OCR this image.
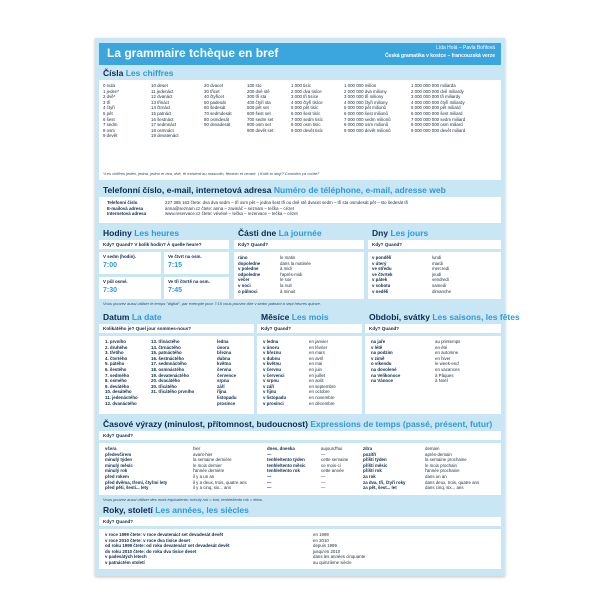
La grammaire tchèque en bref	Lída Holá – Pavla Bořilová
Česká gramatika v kostce – francouzská verze
Čísla Les chiffres
0 nula
1 jeden*
2 dvě*
3 tři
4 čtyři
5 pět
6 šest
7 sedm
8 osm
9 devět
10 deset
11 jedenáct
12 dvanáct
13 třináct
14 čtrnáct
15 patnáct
16 šestnáct
17 sedmnáct
18 osmnáct
19 devatenáct
20 dvacet
30 třicet
40 čtyřicet
50 padesát
60 šedesát
70 sedmdesát
80 osmdesát
90 devadesát
100 sto
200 dvě stě
300 tři sta
400 čtyři sta
500 pět set
600 šest set
700 sedm set
800 osm set
900 devět set
1 000 tisíc
2 000 dva tisíce
3 000 tři tisíce
4 000 čtyři tisíce
5 000 pět tisíc
6 000 šest tisíc
7 000 sedm tisíc
8 000 osm tisíc
9 000 devět tisíc
1 000 000 milion
2 000 000 dva miliony
3 000 000 tři miliony
4 000 000 čtyři miliony
5 000 000 pět milionů
6 000 000 šest milionů
7 000 000 sedm milionů
8 000 000 osm milionů
9 000 000 devět milionů
1 000 000 000 miliarda
2 000 000 000 dvě miliardy
3 000 000 000 tři miliardy
4 000 000 000 čtyři miliardy
5 000 000 000 pět miliard
6 000 000 000 šest miliard
7 000 000 000 sedm miliard
8 000 000 000 osm miliard
9 000 000 000 devět miliard
*Les chiffres jeden, jedna, jedno et dva, dvě, tři existent au masculin, féminin et neutre. | Kolik to stojí? Combien ça coûte?
Telefonní číslo, e-mail, internetová adresa Numéro de téléphone, e-mail, adresse web
Telefonní číslo
E-mailová adresa
Internetová adresa
227 385 163 čtete: dva dva sedm – tři osm pět – jedna šest tři ou dvě stě dvacet sedm – tři sta osmdesát pět – sto šedesát tři
anna@seznam.cz čtete: anna – zavináč – seznam – tečka – cézet
www.reservace.cz čtete: vévévé – tečka – rezervace – tečka – cézet
Hodiny Les heures
Kdy? Quand? V kolik hodin? À quelle heure?
V sedm (hodin).
7:00
Ve čtvrt na osm.
7:15
V půl osmé.
7:30
Ve tři čtvrtě na osm.
7:45
Části dne La journée
Kdy? Quand?
ráno
dopoledne
v poledne
odpoledne
večer
v noci
o půlnoci
le matin
dans la matinée
à midi
l'après-midi
le soir
la nuit
à minuit
Dny Les jours
Kdy? Quand?
v pondělí
v úterý
ve středu
ve čtvrtek
v pátek
v sobotu
v neděli
lundi
mardi
mercredi
jeudi
vendredi
samedi
dimanche
Vous pouvez aussi utiliser le temps "digital", par exemple pour 7:15 vous pouvez dire v sedm patnáct à sept heures quinze.
Datum La date
Kolikátého je? Quel jour sommes-nous?
1. prvního
2. druhého
3. třetího
4. čtvrtého
5. pátého
6. šestého
7. sedmého
8. osmého
9. devátého
10. desátého
11. jedenáctého
12. dvanáctého
13. třináctého
14. čtrnáctého
15. patnáctého
16. šestnáctého
17. sedmnáctého
18. osmnáctého
19. devatenáctého
20. dvacátého
30. třicátého
31. třicátého prvního
ledna
února
března
dubna
května
června
července
srpna
září
října
listopadu
prosince
Měsíce Les mois
Kdy? Quand?
v lednu
v únoru
v březnu
v dubnu
v květnu
v červnu
v červenci
v srpnu
v září
v říjnu
v listopadu
v prosinci
en janvier
en février
en mars
en avril
en mai
en juin
en juillet
en août
en septembre
en octobre
en novembre
en décembre
Období, svátky Les saisons, les fêtes
Kdy? Quand?
na jaře
v létě
na podzim
v zimě
o víkendu
na dovolené
na Velikonoce
na Vánoce
au printemps
en été
en automne
en hiver
le week-end
en vacances
à Pâques
à Noël
Časové výrazy (minulost, přítomnost, budoucnost) Expressions de temps (passé, présent, futur)
Kdy? Quand?
včera
předevčírem
minulý týden
minulý měsíc
minulý rok
před rokem
před dvěma, třemi, čtyřmi lety
před pěti, šesti... lety
hier
avant-hier
la semaine dernière
le mois dernier
l'année dernière
il y a un an
il y a deux, trois, quatre ans
il y a cinq, six... ans
dnes, dneska
—
tenhle/tento týden
tenhle/tento měsíc
tenhle/tento rok
—
—
—
aujourd'hui
—
cette semaine
ce mois-ci
cette année
—
—
—
zítra
pozítří
příští týden
příští měsíc
příští rok
za rok
za dva, tři, čtyři roky
za pět, šest... let
demain
après-demain
la semaine prochaine
le mois prochain
l'année prochaine
dans un an
dans deux, trois, quatre ans
dans cinq, six... ans
Vous pouvez aussi utiliser des mots équivalents: minulý rok = loni, tenhle/tento rok = letos.
Roky, století Les années, les siècles
Kdy? Quand?
v roce 1999 čtete: v roce devatenáct set devadesát devět
v roce 2010 čtete: v roce dva tisíce deset
od roku 1999 čtete: od roku devatenáct set devadesát devět
do roku 2010 čtete: do roku dva tisíce deset
v padesátých letech
v patnáctém století
en 1999
en 2010
depuis 1999
jusqu'en 2010
dans les années cinquante
au quinzième siècle
